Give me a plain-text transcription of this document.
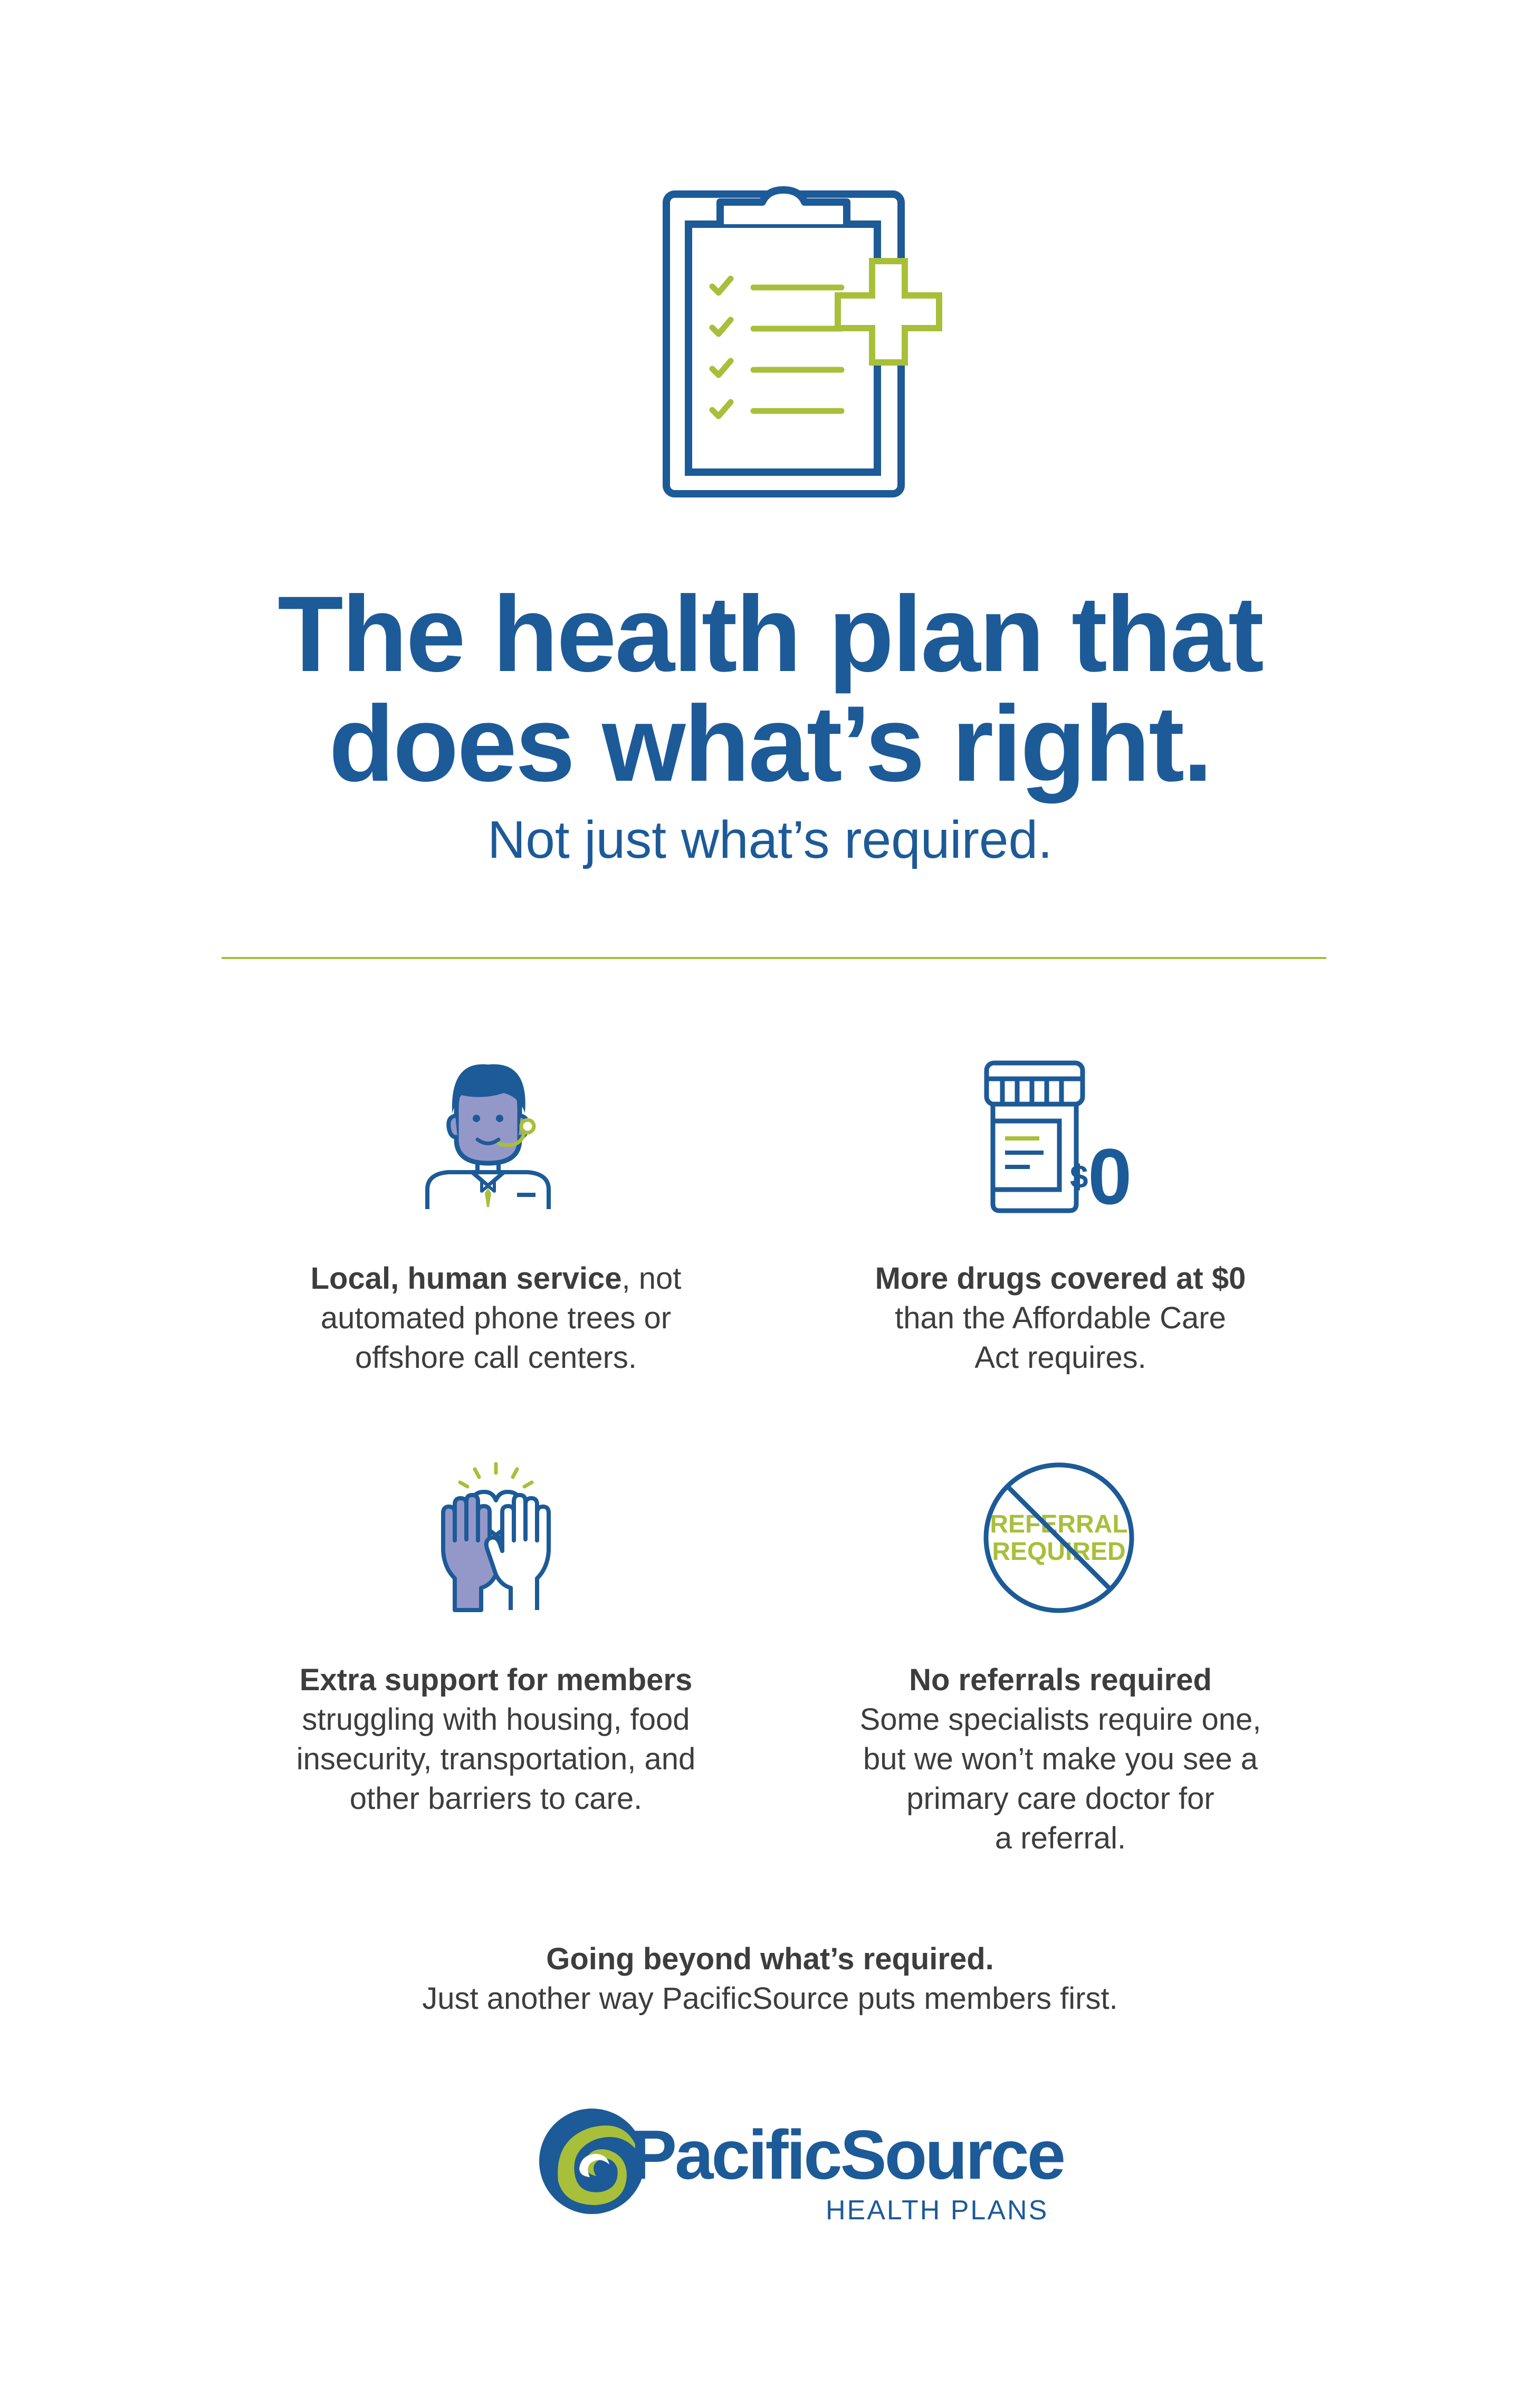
The health plan that
does what’s right.
Not just what’s required.
$ 0
REFERRAL
REQUIRED
Local, human service, not
automated phone trees or
offshore call centers.
More drugs covered at $0
than the Affordable Care
Act requires.
Extra support for members
struggling with housing, food
insecurity, transportation, and
other barriers to care.
No referrals required
Some specialists require one,
but we won’t make you see a
primary care doctor for
a referral.
Going beyond what’s required.
Just another way PacificSource puts members first.
PacificSource
HEALTH PLANS
